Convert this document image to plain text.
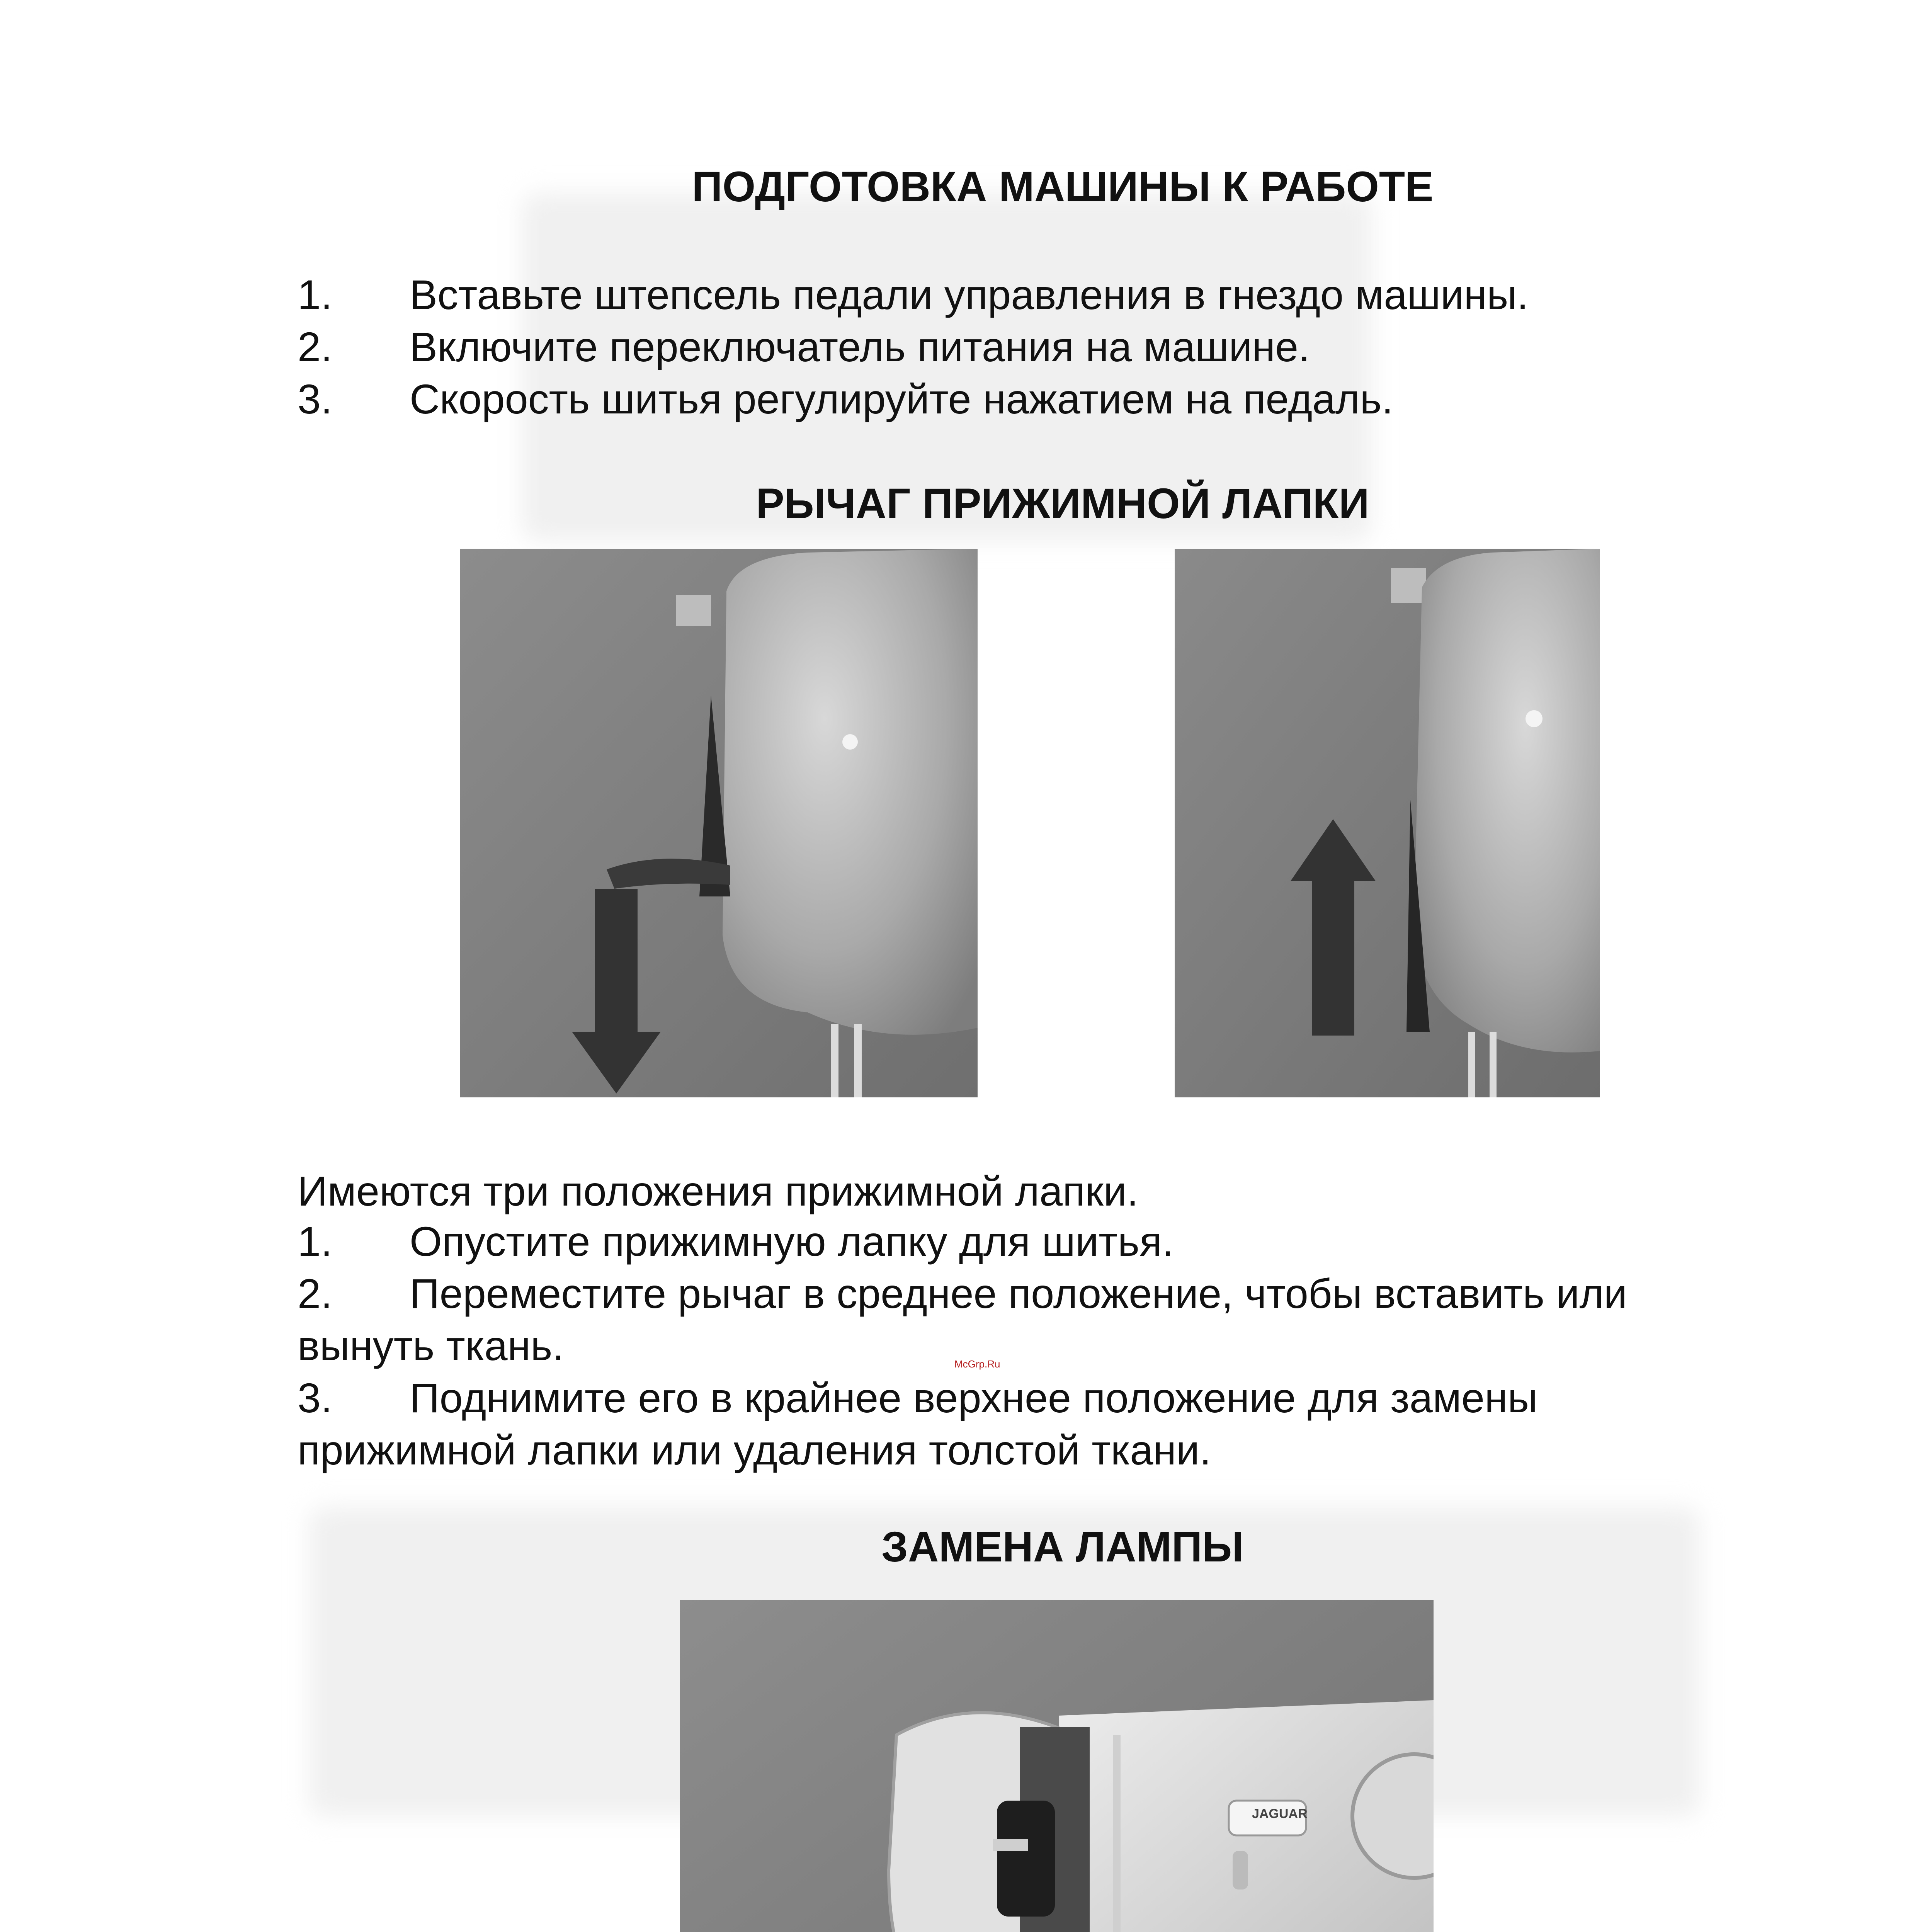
ПОДГОТОВКА МАШИНЫ К РАБОТЕ
1. Вставьте штепсель педали управления в гнездо машины.
2. Включите переключатель питания на машине.
3. Скорость шитья регулируйте нажатием на педаль.
РЫЧАГ ПРИЖИМНОЙ ЛАПКИ

Имеются три положения прижимной лапки.

1. Опустите прижимную лапку для шитья.
2. Переместите рычаг в среднее положение, чтобы вставить или
вынуть ткань.
3. Поднимите его в крайнее верхнее положение для замены
прижимной лапки или удаления толстой ткани.
McGrp.Ru
ЗАМЕНА ЛАМПЫ
JAGUAR
